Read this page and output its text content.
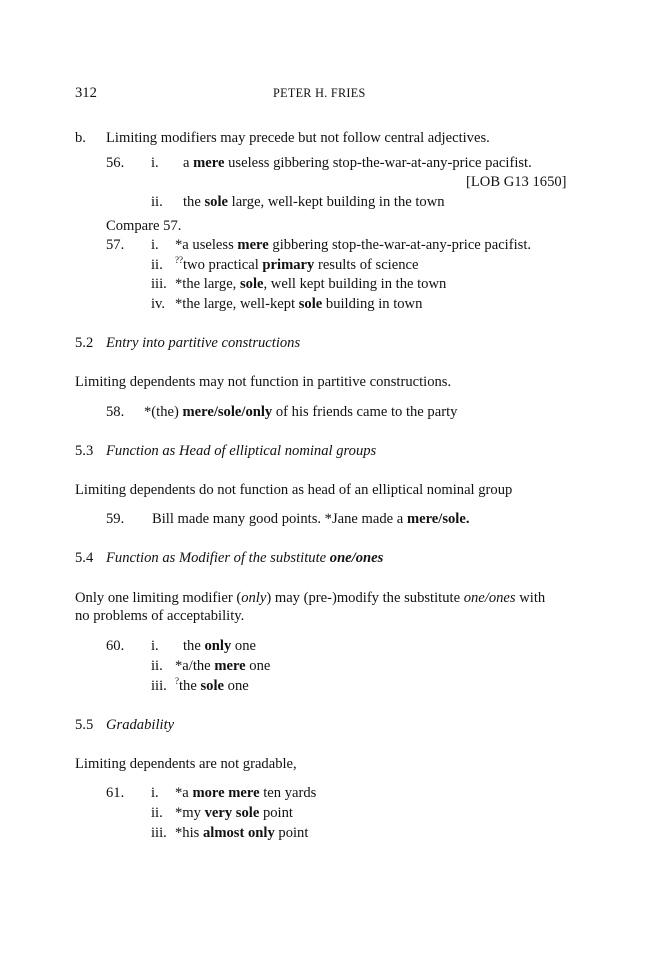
312	PETER H. FRIES
b. Limiting modifiers may precede but not follow central adjectives.
56. i. a mere useless gibbering stop-the-war-at-any-price pacifist.
[LOB G13 1650]
ii. the sole large, well-kept building in the town
Compare 57.
57. i. *a useless mere gibbering stop-the-war-at-any-price pacifist.
ii. ??two practical primary results of science
iii. *the large, sole, well kept building in the town
iv. *the large, well-kept sole building in town
5.2 Entry into partitive constructions
Limiting dependents may not function in partitive constructions.
58. *(the) mere/sole/only of his friends came to the party
5.3 Function as Head of elliptical nominal groups
Limiting dependents do not function as head of an elliptical nominal group
59. Bill made many good points. *Jane made a mere/sole.
5.4 Function as Modifier of the substitute one/ones
Only one limiting modifier (only) may (pre-)modify the substitute one/ones with
no problems of acceptability.
60. i. the only one
ii. *a/the mere one
iii. ?the sole one
5.5 Gradability
Limiting dependents are not gradable,
61. i. *a more mere ten yards
ii. *my very sole point
iii. *his almost only point
